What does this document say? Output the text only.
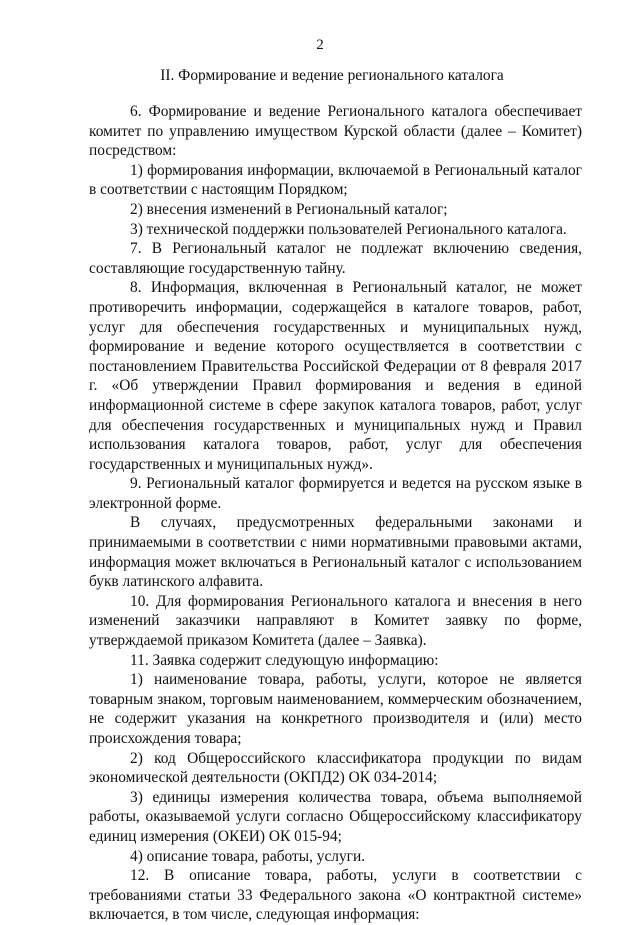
2
II. Формирование и ведение регионального каталога

6. Формирование и ведение Регионального каталога обеспечивает комитет по управлению имуществом Курской области (далее – Комитет) посредством:

1) формирования информации, включаемой в Региональный каталог в соответствии с настоящим Порядком;

2) внесения изменений в Региональный каталог;

3) технической поддержки пользователей Регионального каталога.

7. В Региональный каталог не подлежат включению сведения, составляющие государственную тайну.

8. Информация, включенная в Региональный каталог, не может противоречить информации, содержащейся в каталоге товаров, работ, услуг для обеспечения государственных и муниципальных нужд, формирование и ведение которого осуществляется в соответствии с постановлением Правительства Российской Федерации от 8 февраля 2017 г. «Об утверждении Правил формирования и ведения в единой информационной системе в сфере закупок каталога товаров, работ, услуг для обеспечения государственных и муниципальных нужд и Правил использования каталога товаров, работ, услуг для обеспечения государственных и муниципальных нужд».

9. Региональный каталог формируется и ведется на русском языке в электронной форме.

В случаях, предусмотренных федеральными законами и принимаемыми в соответствии с ними нормативными правовыми актами, информация может включаться в Региональный каталог с использованием букв латинского алфавита.

10. Для формирования Регионального каталога и внесения в него изменений заказчики направляют в Комитет заявку по форме, утверждаемой приказом Комитета (далее – Заявка).

11. Заявка содержит следующую информацию:

1) наименование товара, работы, услуги, которое не является товарным знаком, торговым наименованием, коммерческим обозначением, не содержит указания на конкретного производителя и (или) место происхождения товара;

2) код Общероссийского классификатора продукции по видам экономической деятельности (ОКПД2) ОК 034-2014;

3) единицы измерения количества товара, объема выполняемой работы, оказываемой услуги согласно Общероссийскому классификатору единиц измерения (ОКЕИ) ОК 015-94;

4) описание товара, работы, услуги.

12. В описание товара, работы, услуги в соответствии с требованиями статьи 33 Федерального закона «О контрактной системе» включается, в том числе, следующая информация:
